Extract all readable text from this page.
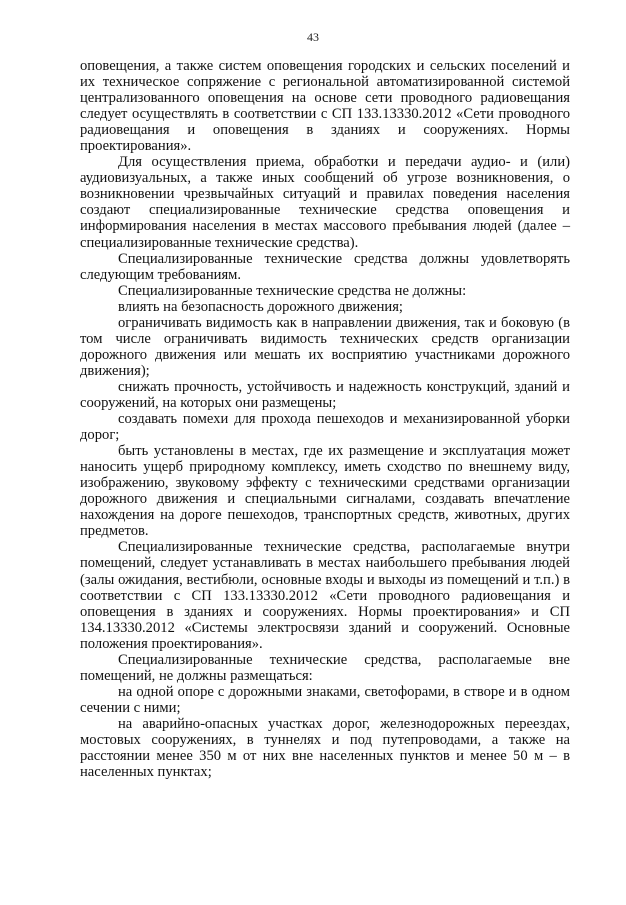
43

оповещения, а также систем оповещения городских и сельских поселений и их техническое сопряжение с региональной автоматизированной системой централизованного оповещения на основе сети проводного радиовещания следует осуществлять в соответствии с СП 133.13330.2012 «Сети проводного радиовещания и оповещения в зданиях и сооружениях. Нормы проектирования».

Для осуществления приема, обработки и передачи аудио- и (или) аудиовизуальных, а также иных сообщений об угрозе возникновения, о возникновении чрезвычайных ситуаций и правилах поведения населения создают специализированные технические средства оповещения и информирования населения в местах массового пребывания людей (далее – специализированные технические средства).

Специализированные технические средства должны удовлетворять следующим требованиям.

Специализированные технические средства не должны:

влиять на безопасность дорожного движения;

ограничивать видимость как в направлении движения, так и боковую (в том числе ограничивать видимость технических средств организации дорожного движения или мешать их восприятию участниками дорожного движения);

снижать прочность, устойчивость и надежность конструкций, зданий и сооружений, на которых они размещены;

создавать помехи для прохода пешеходов и механизированной уборки дорог;

быть установлены в местах, где их размещение и эксплуатация может наносить ущерб природному комплексу, иметь сходство по внешнему виду, изображению, звуковому эффекту с техническими средствами организации дорожного движения и специальными сигналами, создавать впечатление нахождения на дороге пешеходов, транспортных средств, животных, других предметов.

Специализированные технические средства, располагаемые внутри помещений, следует устанавливать в местах наибольшего пребывания людей (залы ожидания, вестибюли, основные входы и выходы из помещений и т.п.) в соответствии с СП 133.13330.2012 «Сети проводного радиовещания и оповещения в зданиях и сооружениях. Нормы проектирования» и СП 134.13330.2012 «Системы электросвязи зданий и сооружений. Основные положения проектирования».

Специализированные технические средства, располагаемые вне помещений, не должны размещаться:

на одной опоре с дорожными знаками, светофорами, в створе и в одном сечении с ними;

на аварийно-опасных участках дорог, железнодорожных переездах, мостовых сооружениях, в туннелях и под путепроводами, а также на расстоянии менее 350 м от них вне населенных пунктов и менее 50 м – в населенных пунктах;
